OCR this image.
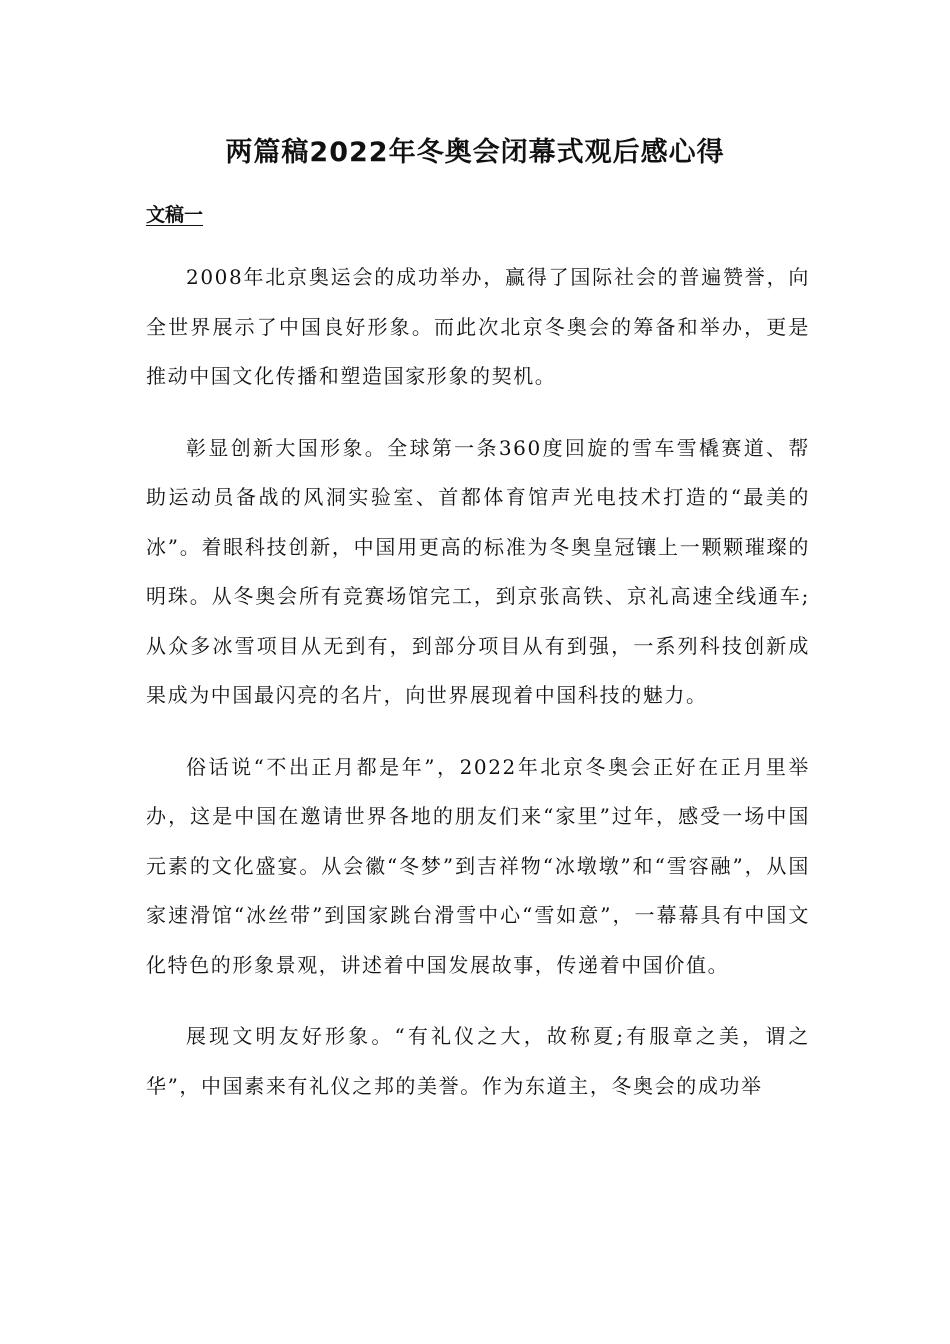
两篇稿2022年冬奥会闭幕式观后感心得
文稿一

2008年北京奥运会的成功举办，赢得了国际社会的普遍赞誉，向全世界展示了中国良好形象。而此次北京冬奥会的筹备和举办，更是推动中国文化传播和塑造国家形象的契机。

彰显创新大国形象。全球第一条360度回旋的雪车雪橇赛道、帮助运动员备战的风洞实验室、首都体育馆声光电技术打造的“最美的冰”。着眼科技创新，中国用更高的标准为冬奥皇冠镶上一颗颗璀璨的明珠。从冬奥会所有竞赛场馆完工，到京张高铁、京礼高速全线通车;从众多冰雪项目从无到有，到部分项目从有到强，一系列科技创新成果成为中国最闪亮的名片，向世界展现着中国科技的魅力。

俗话说“不出正月都是年”，2022年北京冬奥会正好在正月里举办，这是中国在邀请世界各地的朋友们来“家里”过年，感受一场中国元素的文化盛宴。从会徽“冬梦”到吉祥物“冰墩墩”和“雪容融”，从国家速滑馆“冰丝带”到国家跳台滑雪中心“雪如意”，一幕幕具有中国文化特色的形象景观，讲述着中国发展故事，传递着中国价值。

展现文明友好形象。“有礼仪之大，故称夏;有服章之美，谓之华”，中国素来有礼仪之邦的美誉。作为东道主，冬奥会的成功举
